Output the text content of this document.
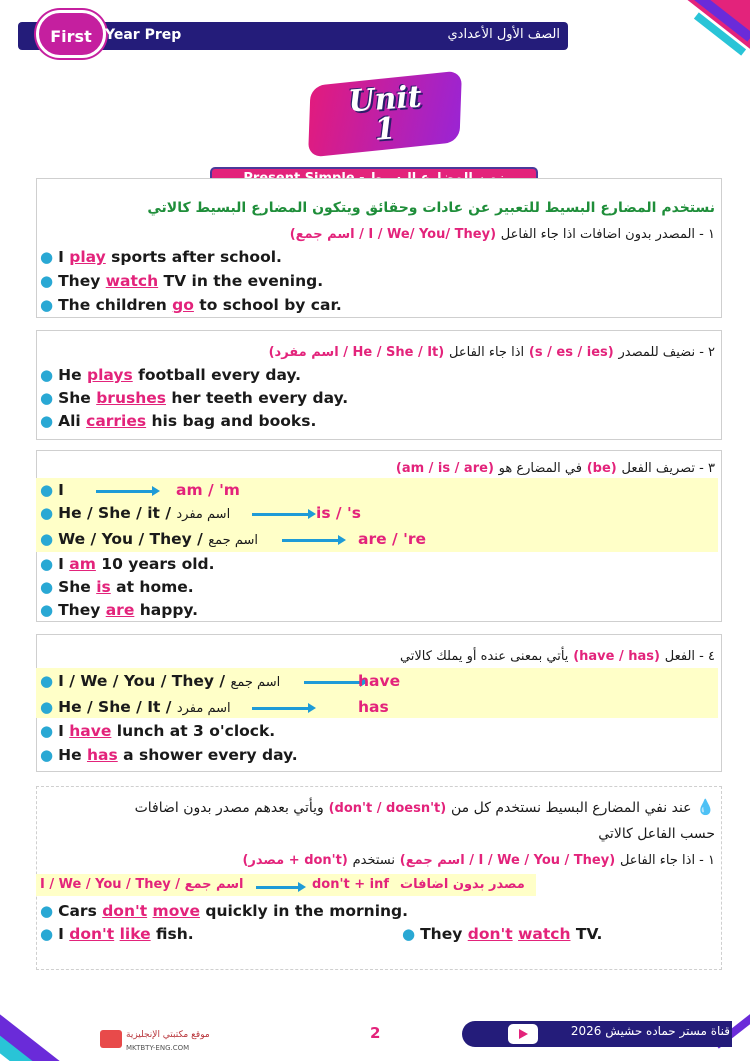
First Year Prep	الصف الأول الأعدادي
Unit
1
نستخدم المضارع البسيط للتعبير عن عادات وحقائق ويتكون المضارع البسيط كالاتي
١ - المصدر بدون اضافات اذا جاء الفاعل (I / We/ You/ They / اسم جمع)
● I play sports after school.
● They watch TV in the evening.
● The children go to school by car.
٢ - نضيف للمصدر (s / es / ies) اذا جاء الفاعل (He / She / It / اسم مفرد)
● He plays football every day.
● She brushes her teeth every day.
● Ali carries his bag and books.
٣ - تصريف الفعل (be) في المضارع هو (am / is / are)
● I	am / 'm
● He / She / it / اسم مفرد	is / 's
● We / You / They / اسم جمع	are / 're
● I am 10 years old.
● She is at home.
● They are happy.
٤ - الفعل (have / has) يأتي بمعنى عنده أو يملك كالاتي
● I / We / You / They / اسم جمع	have
● He / She / It / اسم مفرد	has
● I have lunch at 3 o'clock.
● He has a shower every day.
💧 عند نفي المضارع البسيط نستخدم كل من (don't / doesn't) ويأتي بعدهم مصدر بدون اضافات
حسب الفاعل كالاتي
١ - اذا جاء الفاعل (I / We / You / They / اسم جمع) نستخدم (don't + مصدر)
I / We / You / They / اسم جمع	don't + inf مصدر بدون اضافات
● Cars don't move quickly in the morning.
● I don't like fish.	● They don't watch TV.
موقع مكتبتي الإنجليزية
MKTBTY-ENG.COM
2	قناة مستر حماده حشيش 2026
